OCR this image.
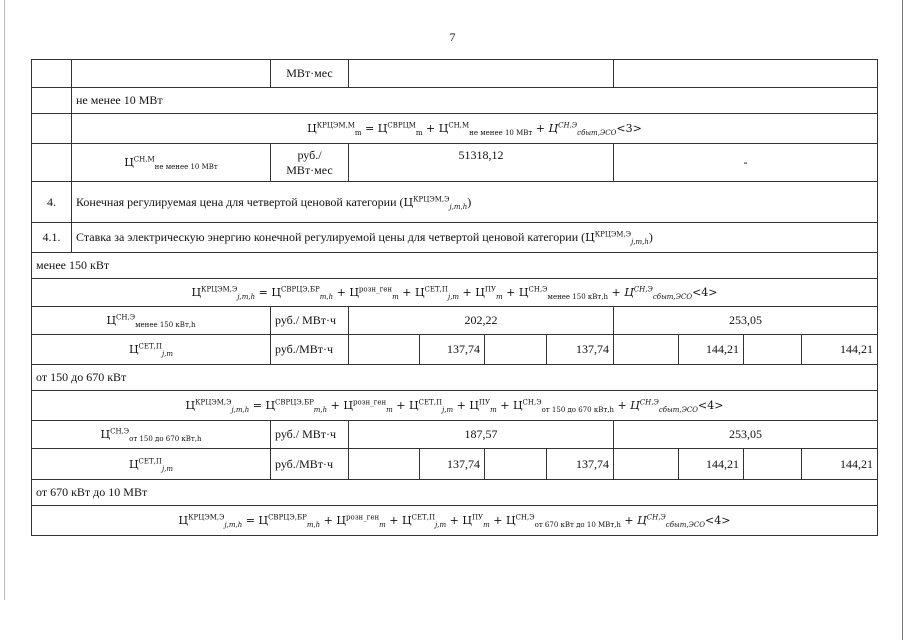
7
		МВт·мес								
	не менее 10 МВт									
	$Ц^{КРЦЭМ,М}_m = Ц^{СВРЦМ}_m + Ц^{СН,М}_{не менее 10 МВт} + Ц^{СН,Э}_{сбыт,ЭСО}<3>$									
	$Ц^{СН,М}_{не менее 10 МВт}$	руб./
МВт·мес	51318,12				-			
4.	Конечная регулируемая цена для четвертой ценовой категории $(Ц^{КРЦЭМ,Э}_{j,m,h})$									
4.1.	Ставка за электрическую энергию конечной регулируемой цены для четвертой ценовой категории $(Ц^{КРЦЭМ,Э}_{j,m,h})$									
менее 150 кВт										
$Ц^{КРЦЭМ,Э}_{j,m,h} = Ц^{СВРЦЭ,БР}_{m,h} + Ц^{розн\_ген}_m + Ц^{СЕТ,П}_{j,m} + Ц^{ПУ}_m + Ц^{СН,Э}_{менее 150 кВт,h} + Ц^{СН,Э}_{сбыт,ЭСО}<4>$										
$Ц^{СН,Э}_{менее 150 кВт,h}$		руб./ МВт·ч	202,22				253,05			
$Ц^{СЕТ,П}_{j,m}$		руб./МВт·ч		137,74		137,74		144,21		144,21
от 150 до 670 кВт										
$Ц^{КРЦЭМ,Э}_{j,m,h} = Ц^{СВРЦЭ,БР}_{m,h} + Ц^{розн\_ген}_m + Ц^{СЕТ,П}_{j,m} + Ц^{ПУ}_m + Ц^{СН,Э}_{от 150 до 670 кВт,h} + Ц^{СН,Э}_{сбыт,ЭСО}<4>$										
$Ц^{СН,Э}_{от 150 до 670 кВт,h}$		руб./ МВт·ч	187,57				253,05			
$Ц^{СЕТ,П}_{j,m}$		руб./МВт·ч		137,74		137,74		144,21		144,21
от 670 кВт до 10 МВт										
$Ц^{КРЦЭМ,Э}_{j,m,h} = Ц^{СВРЦЭ,БР}_{m,h} + Ц^{розн\_ген}_m + Ц^{СЕТ,П}_{j,m} + Ц^{ПУ}_m + Ц^{СН,Э}_{от 670 кВт до 10 МВт,h} + Ц^{СН,Э}_{сбыт,ЭСО}<4>$										
